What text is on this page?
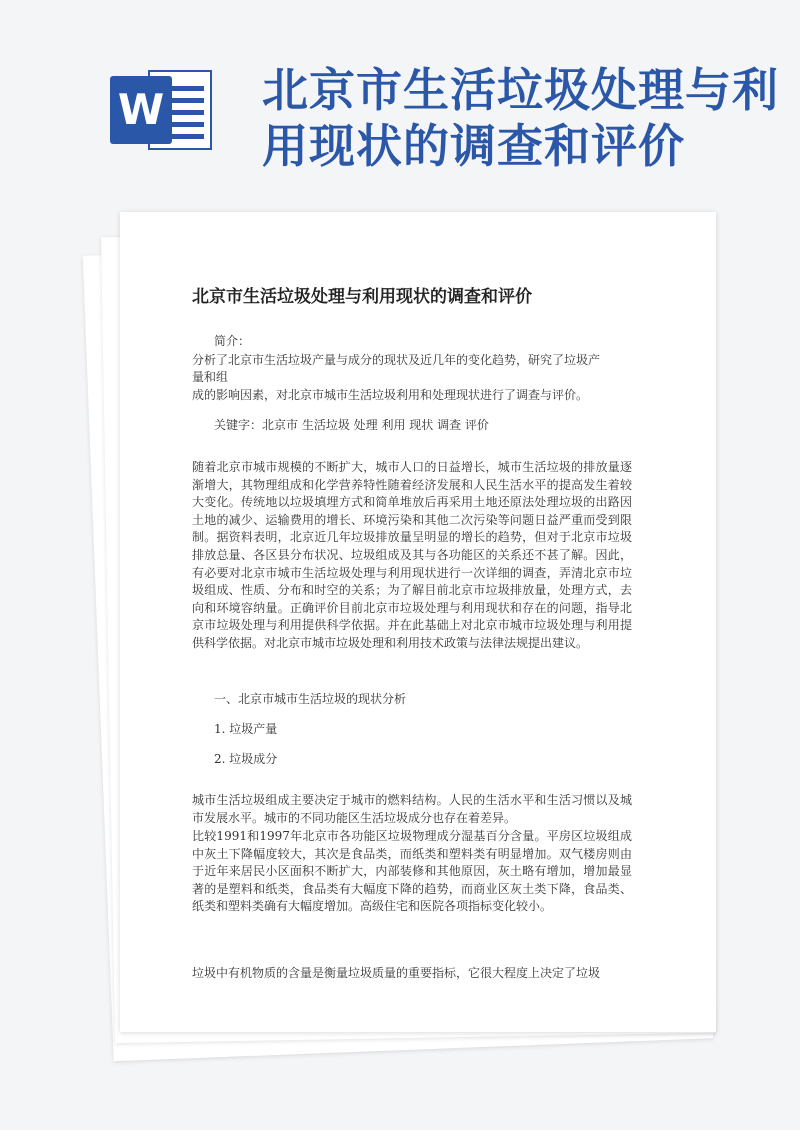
W 北京市生活垃圾处理与利用现状的调查和评价
北京市生活垃圾处理与利用现状的调查和评价
简介：
分析了北京市生活垃圾产量与成分的现状及近几年的变化趋势，研究了垃圾产
量和组
成的影响因素，对北京市城市生活垃圾利用和处理现状进行了调查与评价。
关键字：北京市 生活垃圾 处理 利用 现状 调查 评价

随着北京市城市规模的不断扩大，城市人口的日益增长，城市生活垃圾的排放量逐渐增大，其物理组成和化学营养特性随着经济发展和人民生活水平的提高发生着较大变化。传统地以垃圾填埋方式和简单堆放后再采用土地还原法处理垃圾的出路因土地的减少、运输费用的增长、环境污染和其他二次污染等问题日益严重而受到限制。据资料表明，北京近几年垃圾排放量呈明显的增长的趋势，但对于北京市垃圾排放总量、各区县分布状况、垃圾组成及其与各功能区的关系还不甚了解。因此，有必要对北京市城市生活垃圾处理与利用现状进行一次详细的调查，弄清北京市垃圾组成、性质、分布和时空的关系；为了解目前北京市垃圾排放量，处理方式，去向和环境容纳量。正确评价目前北京市垃圾处理与利用现状和存在的问题，指导北京市垃圾处理与利用提供科学依据。并在此基础上对北京市城市垃圾处理与利用提供科学依据。对北京市城市垃圾处理和利用技术政策与法律法规提出建议。

一、北京市城市生活垃圾的现状分析
1. 垃圾产量
2. 垃圾成分

城市生活垃圾组成主要决定于城市的燃料结构。人民的生活水平和生活习惯以及城市发展水平。城市的不同功能区生活垃圾成分也存在着差异。

比较1991和1997年北京市各功能区垃圾物理成分湿基百分含量。平房区垃圾组成中灰土下降幅度较大，其次是食品类，而纸类和塑料类有明显增加。双气楼房则由于近年来居民小区面积不断扩大，内部装修和其他原因，灰土略有增加，增加最显著的是塑料和纸类，食品类有大幅度下降的趋势，而商业区灰土类下降，食品类、纸类和塑料类确有大幅度增加。高级住宅和医院各项指标变化较小。

垃圾中有机物质的含量是衡量垃圾质量的重要指标，它很大程度上决定了垃圾
